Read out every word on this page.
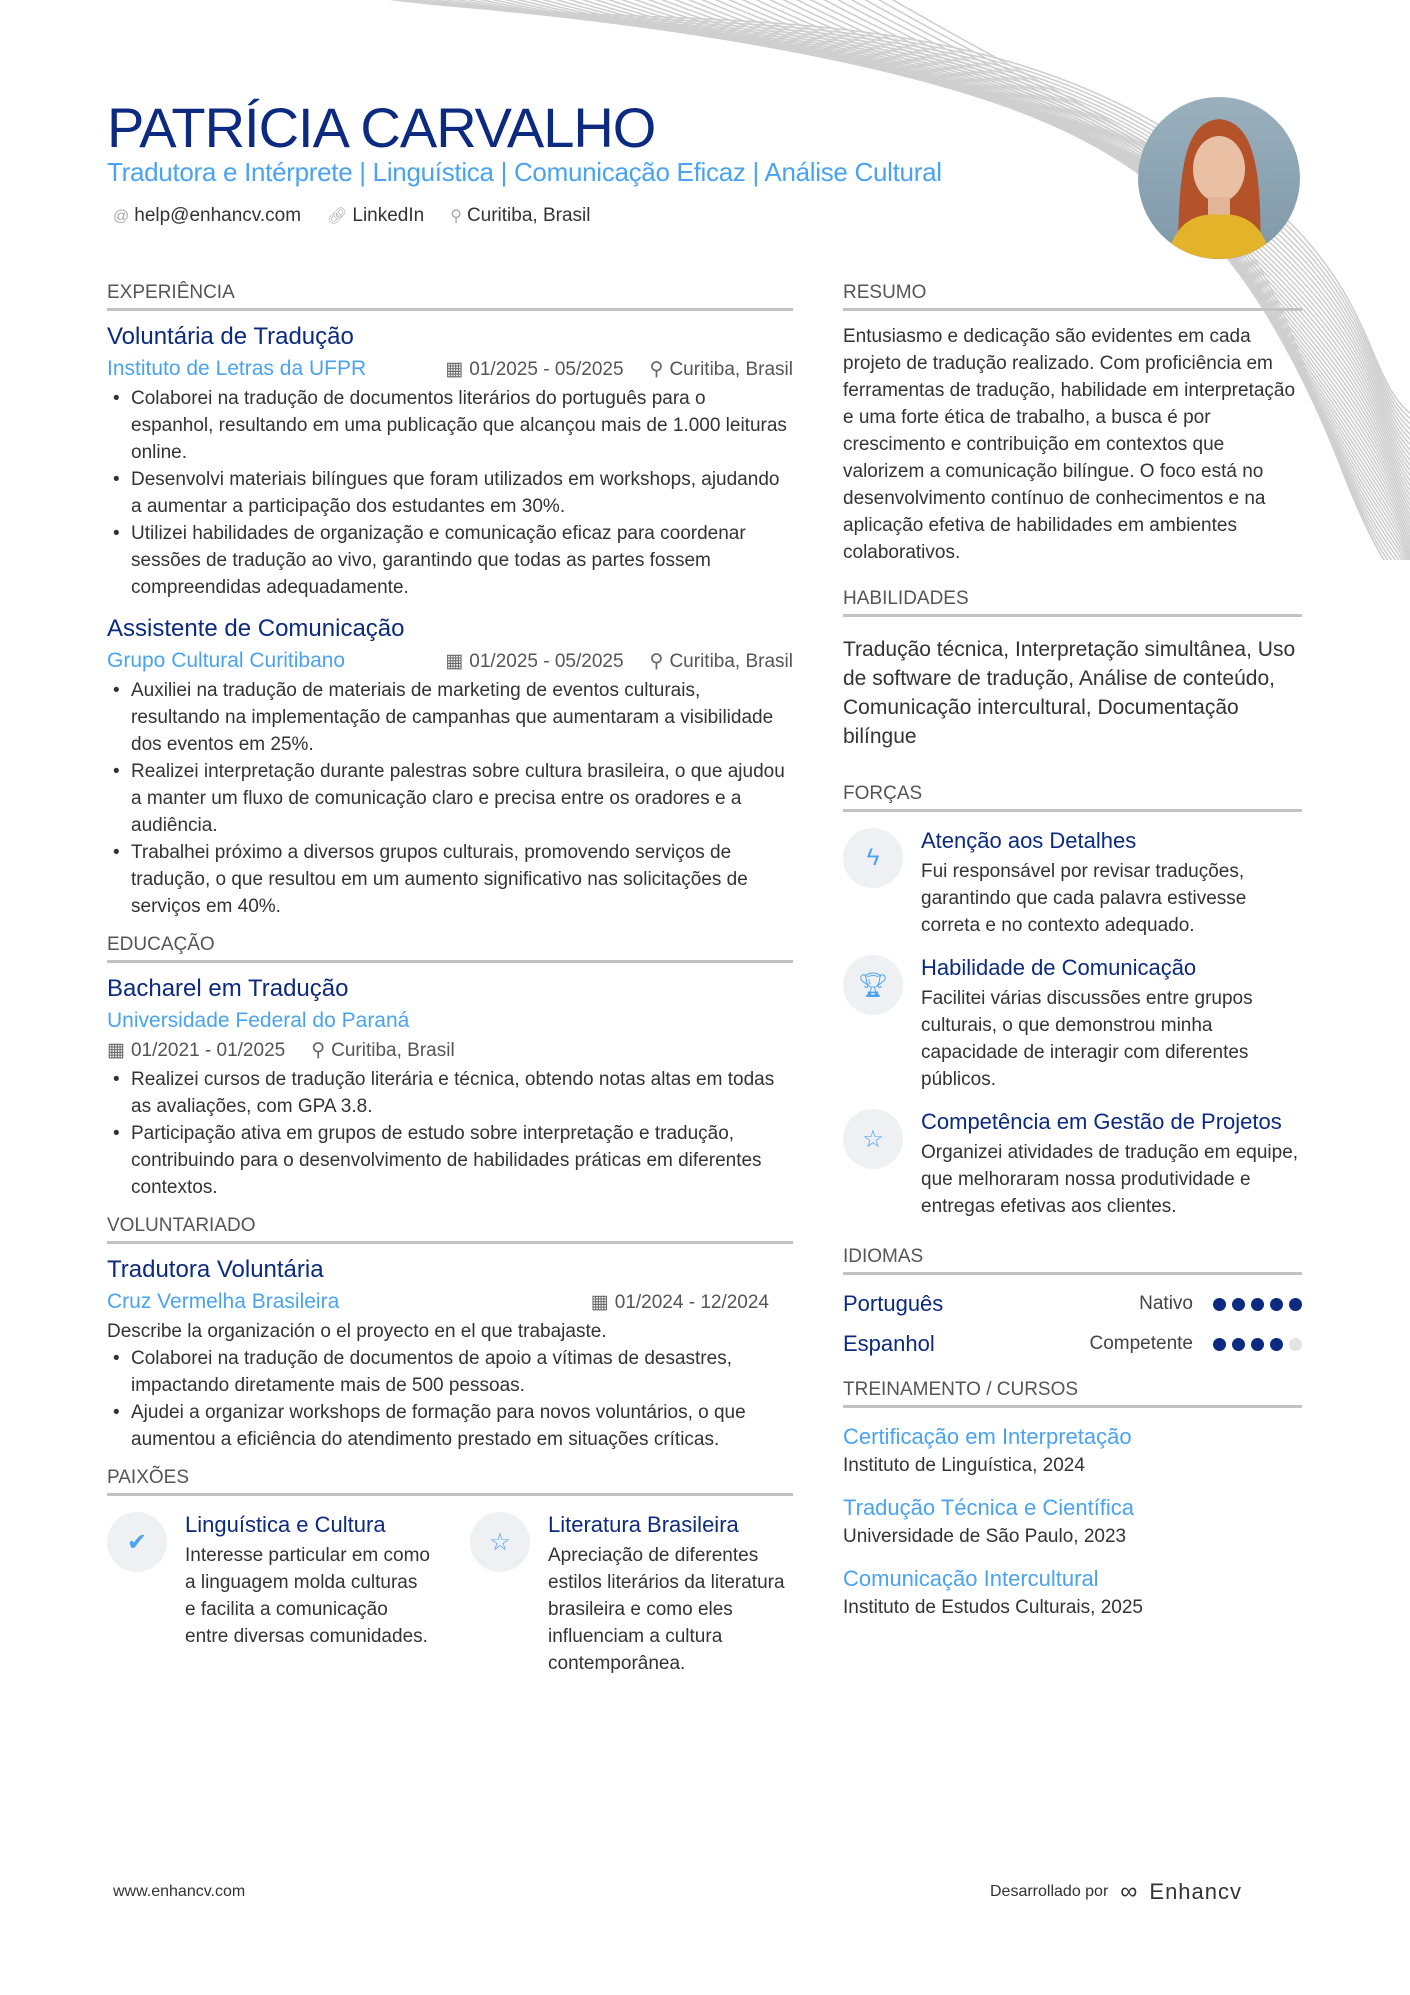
PATRÍCIA CARVALHO
Tradutora e Intérprete | Linguística | Comunicação Eficaz | Análise Cultural
@ help@enhancv.com 🔗︎ LinkedIn ⚲ Curitiba, Brasil
EXPERIÊNCIA
Voluntária de Tradução
Instituto de Letras da UFPR	▦ 01/2025 - 05/2025 ⚲ Curitiba, Brasil
• Colaborei na tradução de documentos literários do português para o espanhol, resultando em uma publicação que alcançou mais de 1.000 leituras online.
• Desenvolvi materiais bilíngues que foram utilizados em workshops, ajudando a aumentar a participação dos estudantes em 30%.
• Utilizei habilidades de organização e comunicação eficaz para coordenar sessões de tradução ao vivo, garantindo que todas as partes fossem compreendidas adequadamente.
Assistente de Comunicação
Grupo Cultural Curitibano	▦ 01/2025 - 05/2025 ⚲ Curitiba, Brasil
• Auxiliei na tradução de materiais de marketing de eventos culturais, resultando na implementação de campanhas que aumentaram a visibilidade dos eventos em 25%.
• Realizei interpretação durante palestras sobre cultura brasileira, o que ajudou a manter um fluxo de comunicação claro e precisa entre os oradores e a audiência.
• Trabalhei próximo a diversos grupos culturais, promovendo serviços de tradução, o que resultou em um aumento significativo nas solicitações de serviços em 40%.
EDUCAÇÃO
Bacharel em Tradução
Universidade Federal do Paraná
▦ 01/2021 - 01/2025 ⚲ Curitiba, Brasil
• Realizei cursos de tradução literária e técnica, obtendo notas altas em todas as avaliações, com GPA 3.8.
• Participação ativa em grupos de estudo sobre interpretação e tradução, contribuindo para o desenvolvimento de habilidades práticas em diferentes contextos.
VOLUNTARIADO
Tradutora Voluntária
Cruz Vermelha Brasileira	▦ 01/2024 - 12/2024

Describe la organización o el proyecto en el que trabajaste.

• Colaborei na tradução de documentos de apoio a vítimas de desastres, impactando diretamente mais de 500 pessoas.
• Ajudei a organizar workshops de formação para novos voluntários, o que aumentou a eficiência do atendimento prestado em situações críticas.
PAIXÕES
✔
Linguística e Cultura

Interesse particular em como a linguagem molda culturas e facilita a comunicação entre diversas comunidades.

☆
Literatura Brasileira

Apreciação de diferentes estilos literários da literatura brasileira e como eles influenciam a cultura contemporânea.

RESUMO

Entusiasmo e dedicação são evidentes em cada projeto de tradução realizado. Com proficiência em ferramentas de tradução, habilidade em interpretação e uma forte ética de trabalho, a busca é por crescimento e contribuição em contextos que valorizem a comunicação bilíngue. O foco está no desenvolvimento contínuo de conhecimentos e na aplicação efetiva de habilidades em ambientes colaborativos.

HABILIDADES

Tradução técnica, Interpretação simultânea, Uso de software de tradução, Análise de conteúdo, Comunicação intercultural, Documentação bilíngue

FORÇAS
ϟ
Atenção aos Detalhes

Fui responsável por revisar traduções, garantindo que cada palavra estivesse correta e no contexto adequado.

🏆︎
Habilidade de Comunicação

Facilitei várias discussões entre grupos culturais, o que demonstrou minha capacidade de interagir com diferentes públicos.

☆
Competência em Gestão de Projetos

Organizei atividades de tradução em equipe, que melhoraram nossa produtividade e entregas efetivas aos clientes.

IDIOMAS
Português	Nativo
Espanhol	Competente
TREINAMENTO / CURSOS
Certificação em Interpretação
Instituto de Linguística, 2024
Tradução Técnica e Científica
Universidade de São Paulo, 2023
Comunicação Intercultural
Instituto de Estudos Culturais, 2025
www.enhancv.com	Desarrollado por ∞ Enhancv
